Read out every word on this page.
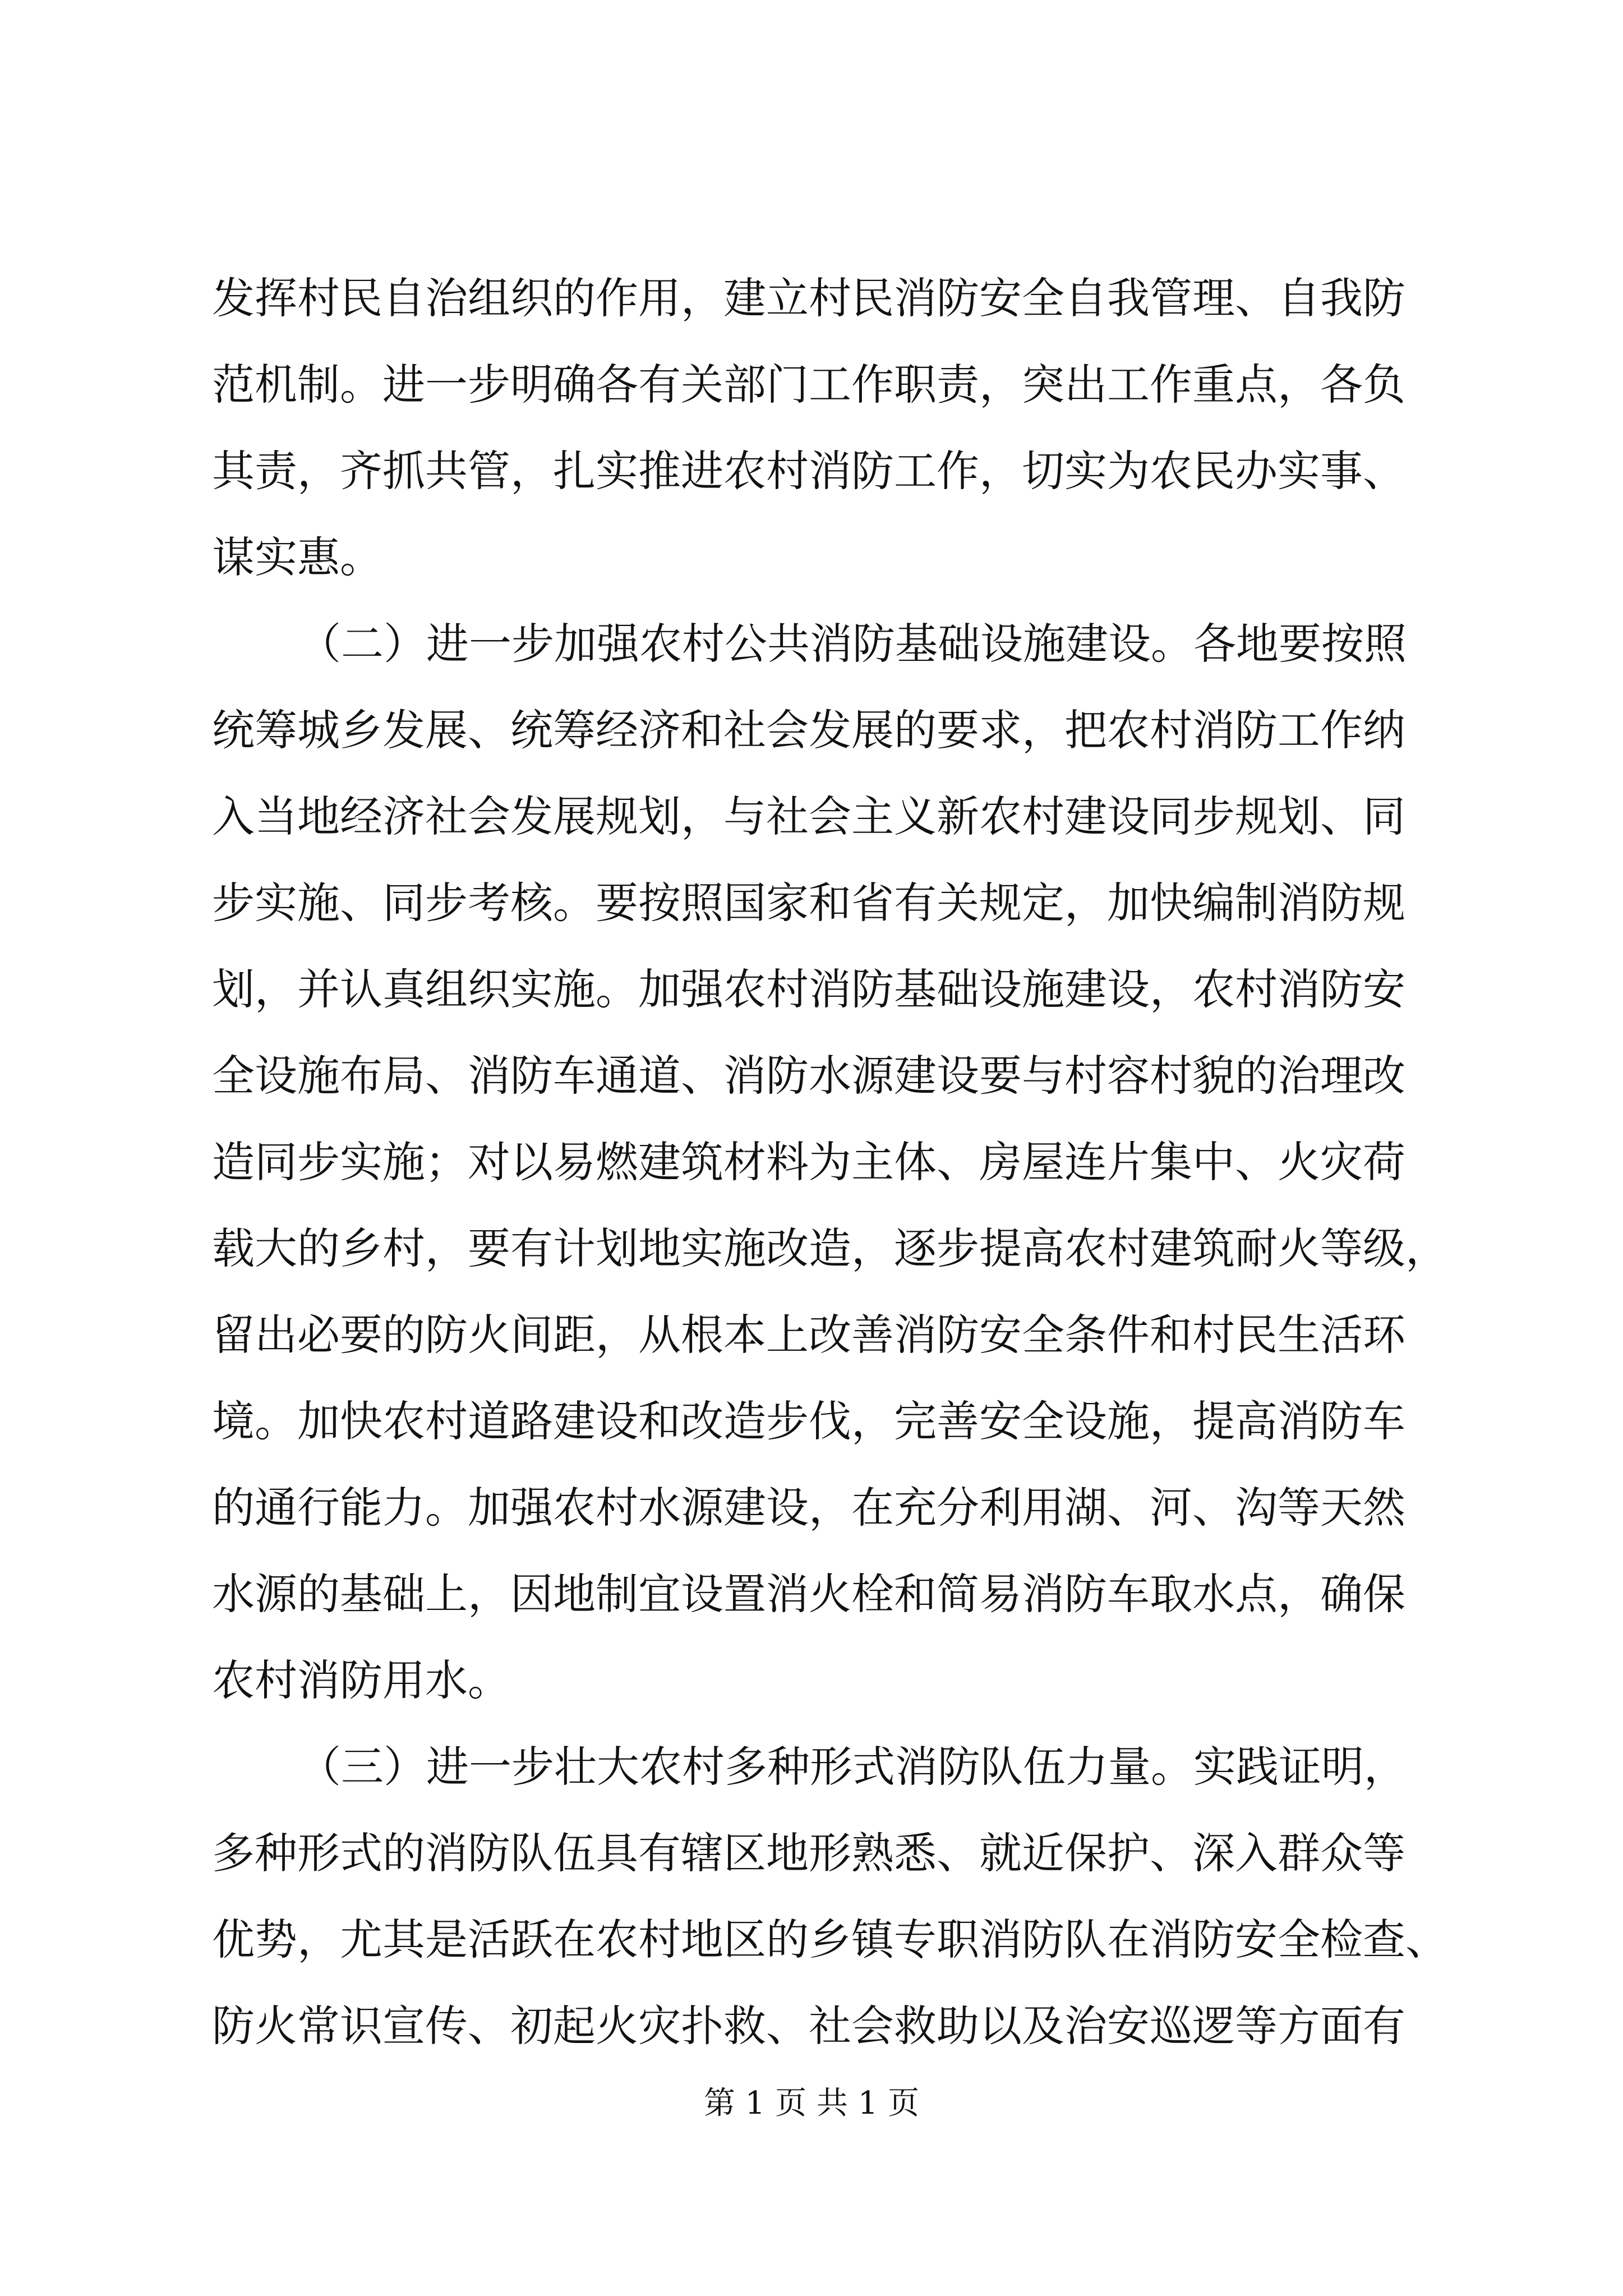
发挥村民自治组织的作用，建立村民消防安全自我管理、自我防
范机制。进一步明确各有关部门工作职责，突出工作重点，各负
其责，齐抓共管，扎实推进农村消防工作，切实为农民办实事、
谋实惠。
（二）进一步加强农村公共消防基础设施建设。各地要按照
统筹城乡发展、统筹经济和社会发展的要求，把农村消防工作纳
入当地经济社会发展规划，与社会主义新农村建设同步规划、同
步实施、同步考核。要按照国家和省有关规定，加快编制消防规
划，并认真组织实施。加强农村消防基础设施建设，农村消防安
全设施布局、消防车通道、消防水源建设要与村容村貌的治理改
造同步实施；对以易燃建筑材料为主体、房屋连片集中、火灾荷
载大的乡村，要有计划地实施改造，逐步提高农村建筑耐火等级，
留出必要的防火间距，从根本上改善消防安全条件和村民生活环
境。加快农村道路建设和改造步伐，完善安全设施，提高消防车
的通行能力。加强农村水源建设，在充分利用湖、河、沟等天然
水源的基础上，因地制宜设置消火栓和简易消防车取水点，确保
农村消防用水。
（三）进一步壮大农村多种形式消防队伍力量。实践证明，
多种形式的消防队伍具有辖区地形熟悉、就近保护、深入群众等
优势，尤其是活跃在农村地区的乡镇专职消防队在消防安全检查、
防火常识宣传、初起火灾扑救、社会救助以及治安巡逻等方面有
第 1 页 共 1 页
